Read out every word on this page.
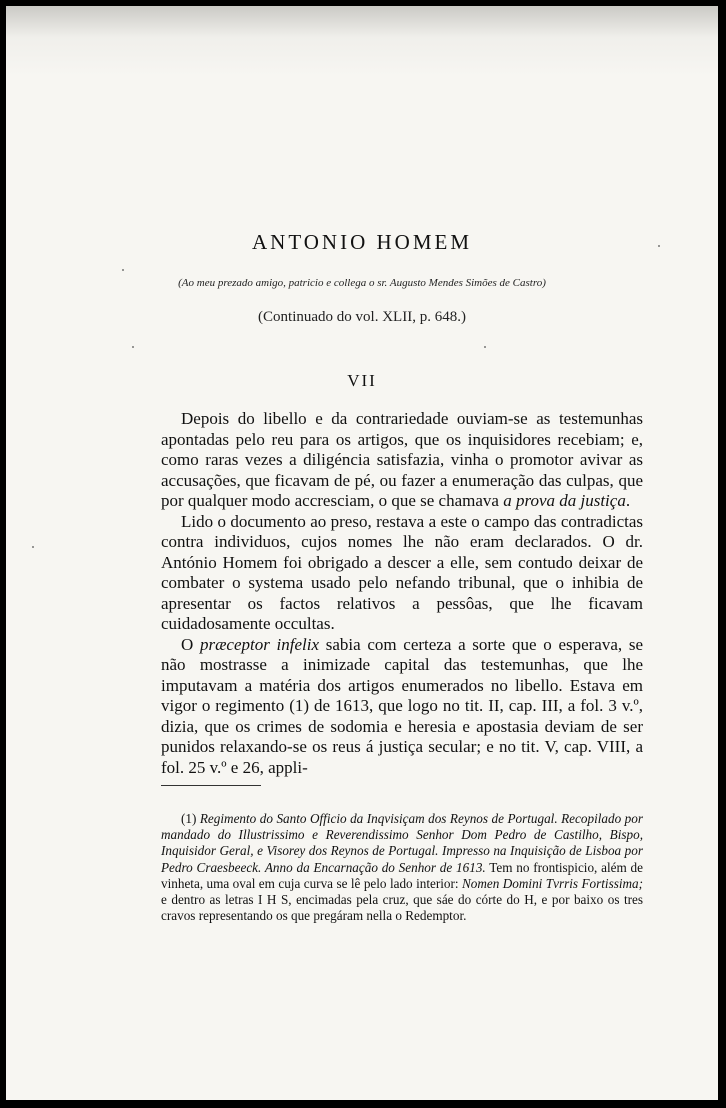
ANTONIO HOMEM
(Ao meu prezado amigo, patricio e collega o sr. Augusto Mendes Simões de Castro)
(Continuado do vol. XLII, p. 648.)
VII

Depois do libello e da contrariedade ouviam-se as testemunhas apontadas pelo reu para os artigos, que os inquisidores recebiam; e, como raras vezes a diligéncia satisfazia, vinha o promotor avivar as accusações, que ficavam de pé, ou fazer a enumeração das culpas, que por qualquer modo accresciam, o que se chamava a prova da justiça.

Lido o documento ao preso, restava a este o campo das contradictas contra individuos, cujos nomes lhe não eram declarados. O dr. António Homem foi obrigado a descer a elle, sem contudo deixar de combater o systema usado pelo nefando tribunal, que o inhibia de apresentar os factos relativos a pessôas, que lhe ficavam cuidadosamente occultas.

O præceptor infelix sabia com certeza a sorte que o esperava, se não mostrasse a inimizade capital das testemunhas, que lhe imputavam a matéria dos artigos enumerados no libello. Estava em vigor o regimento (1) de 1613, que logo no tit. II, cap. III, a fol. 3 v.º, dizia, que os crimes de sodomia e heresia e apostasia deviam de ser punidos relaxando-se os reus á justiça secular; e no tit. V, cap. VIII, a fol. 25 v.º e 26, appli-

(1) Regimento do Santo Officio da Inqvisiçam dos Reynos de Portugal. Recopilado por mandado do Illustrissimo e Reverendissimo Senhor Dom Pedro de Castilho, Bispo, Inquisidor Geral, e Visorey dos Reynos de Portugal. Impresso na Inquisição de Lisboa por Pedro Craesbeeck. Anno da Encarnação do Senhor de 1613. Tem no frontispicio, além de vinheta, uma oval em cuja curva se lê pelo lado interior: Nomen Domini Tvrris Fortissima; e dentro as letras I H S, encimadas pela cruz, que sáe do córte do H, e por baixo os tres cravos representando os que pregáram nella o Redemptor.
